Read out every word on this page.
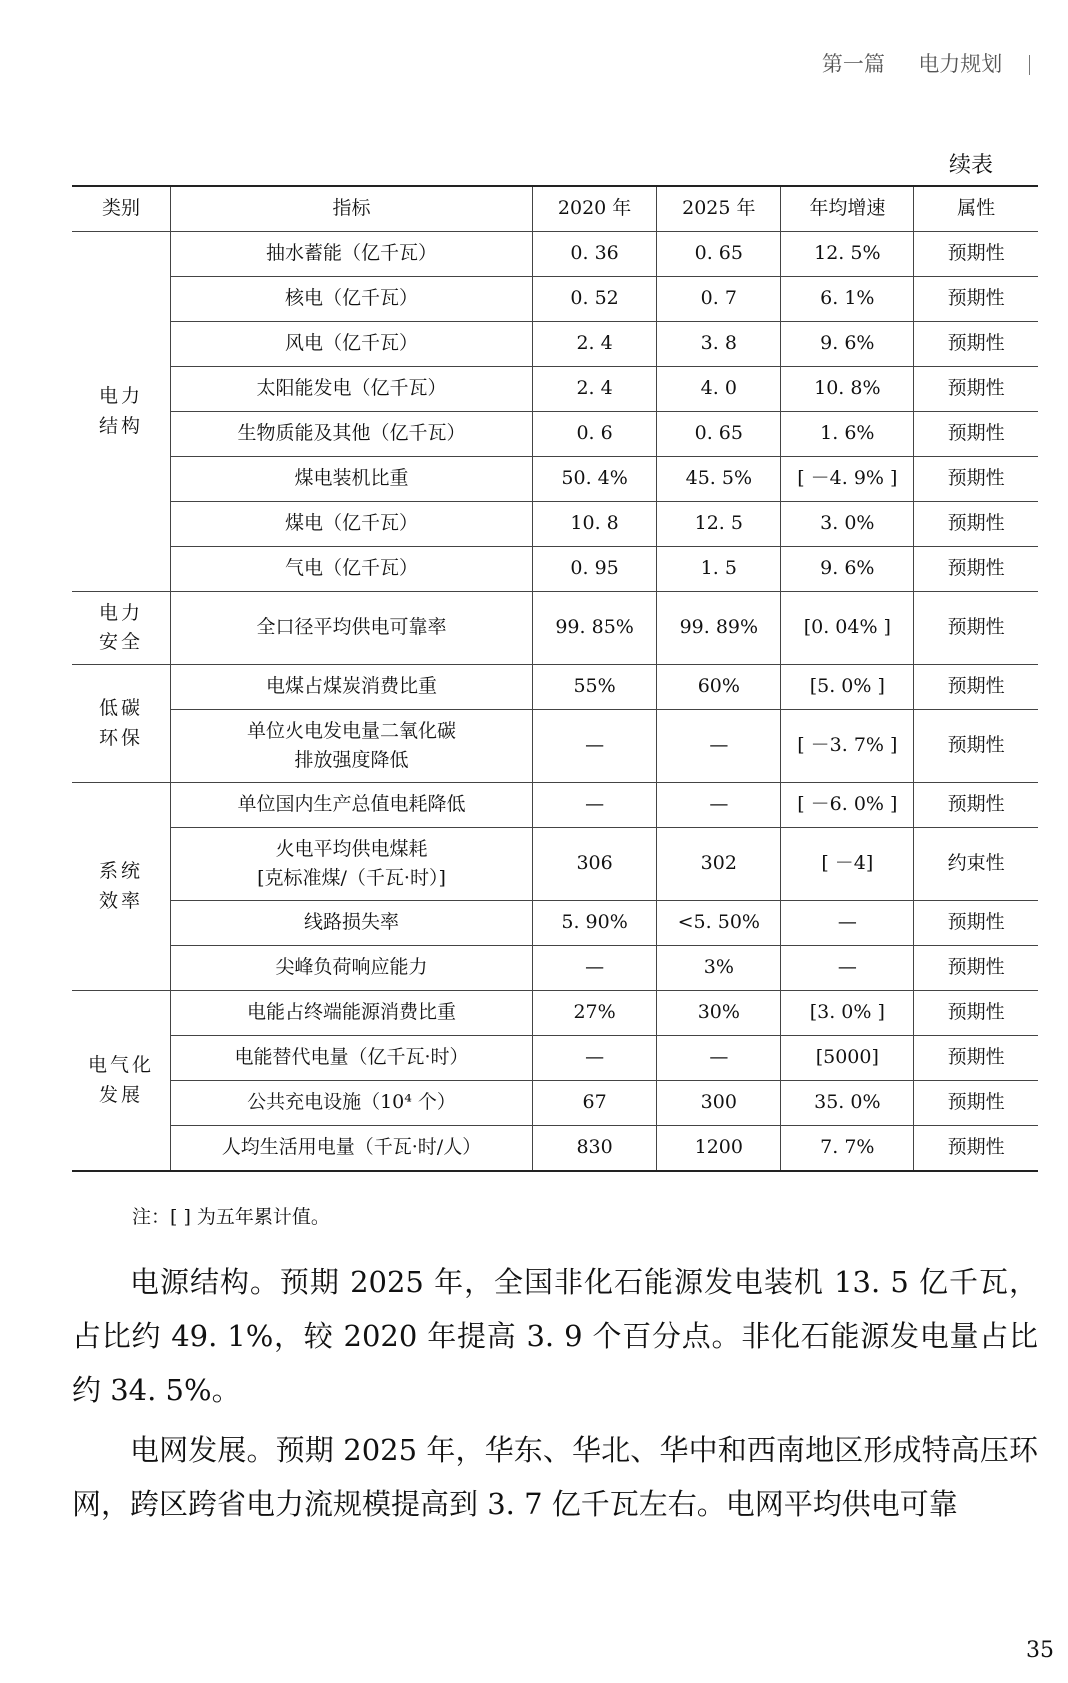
第一篇 电力规划
续表
类别	指标	2020 年	2025 年	年均增速	属性

电力
结构	抽水蓄能（亿千瓦）	0. 36	0. 65	12. 5%	预期性

	核电（亿千瓦）	0. 52	0. 7	6. 1%	预期性

	风电（亿千瓦）	2. 4	3. 8	9. 6%	预期性

	太阳能发电（亿千瓦）	2. 4	4. 0	10. 8%	预期性

	生物质能及其他（亿千瓦）	0. 6	0. 65	1. 6%	预期性

	煤电装机比重	50. 4%	45. 5%	[ －4. 9% ]	预期性

	煤电（亿千瓦）	10. 8	12. 5	3. 0%	预期性

	气电（亿千瓦）	0. 95	1. 5	9. 6%	预期性

电力
安全	全口径平均供电可靠率	99. 85%	99. 89%	[0. 04% ]	预期性

低碳
环保	电煤占煤炭消费比重	55%	60%	[5. 0% ]	预期性

	单位火电发电量二氧化碳
排放强度降低	—	—	[ －3. 7% ]	预期性

系统
效率	单位国内生产总值电耗降低	—	—	[ －6. 0% ]	预期性

	火电平均供电煤耗
[克标准煤/（千瓦·时）]	306	302	[ －4]	约束性

	线路损失率	5. 90%	<5. 50%	—	预期性

	尖峰负荷响应能力	—	3%	—	预期性

电气化
发展	电能占终端能源消费比重	27%	30%	[3. 0% ]	预期性

	电能替代电量（亿千瓦·时）	—	—	[5000]	预期性

	公共充电设施（10⁴ 个）	67	300	35. 0%	预期性

	人均生活用电量（千瓦·时/人）	830	1200	7. 7%	预期性
注：[ ] 为五年累计值。

电源结构。预期 2025 年，全国非化石能源发电装机 13. 5 亿千瓦，占比约 49. 1%，较 2020 年提高 3. 9 个百分点。非化石能源发电量占比约 34. 5%。

电网发展。预期 2025 年，华东、华北、华中和西南地区形成特高压环网，跨区跨省电力流规模提高到 3. 7 亿千瓦左右。电网平均供电可靠

35
